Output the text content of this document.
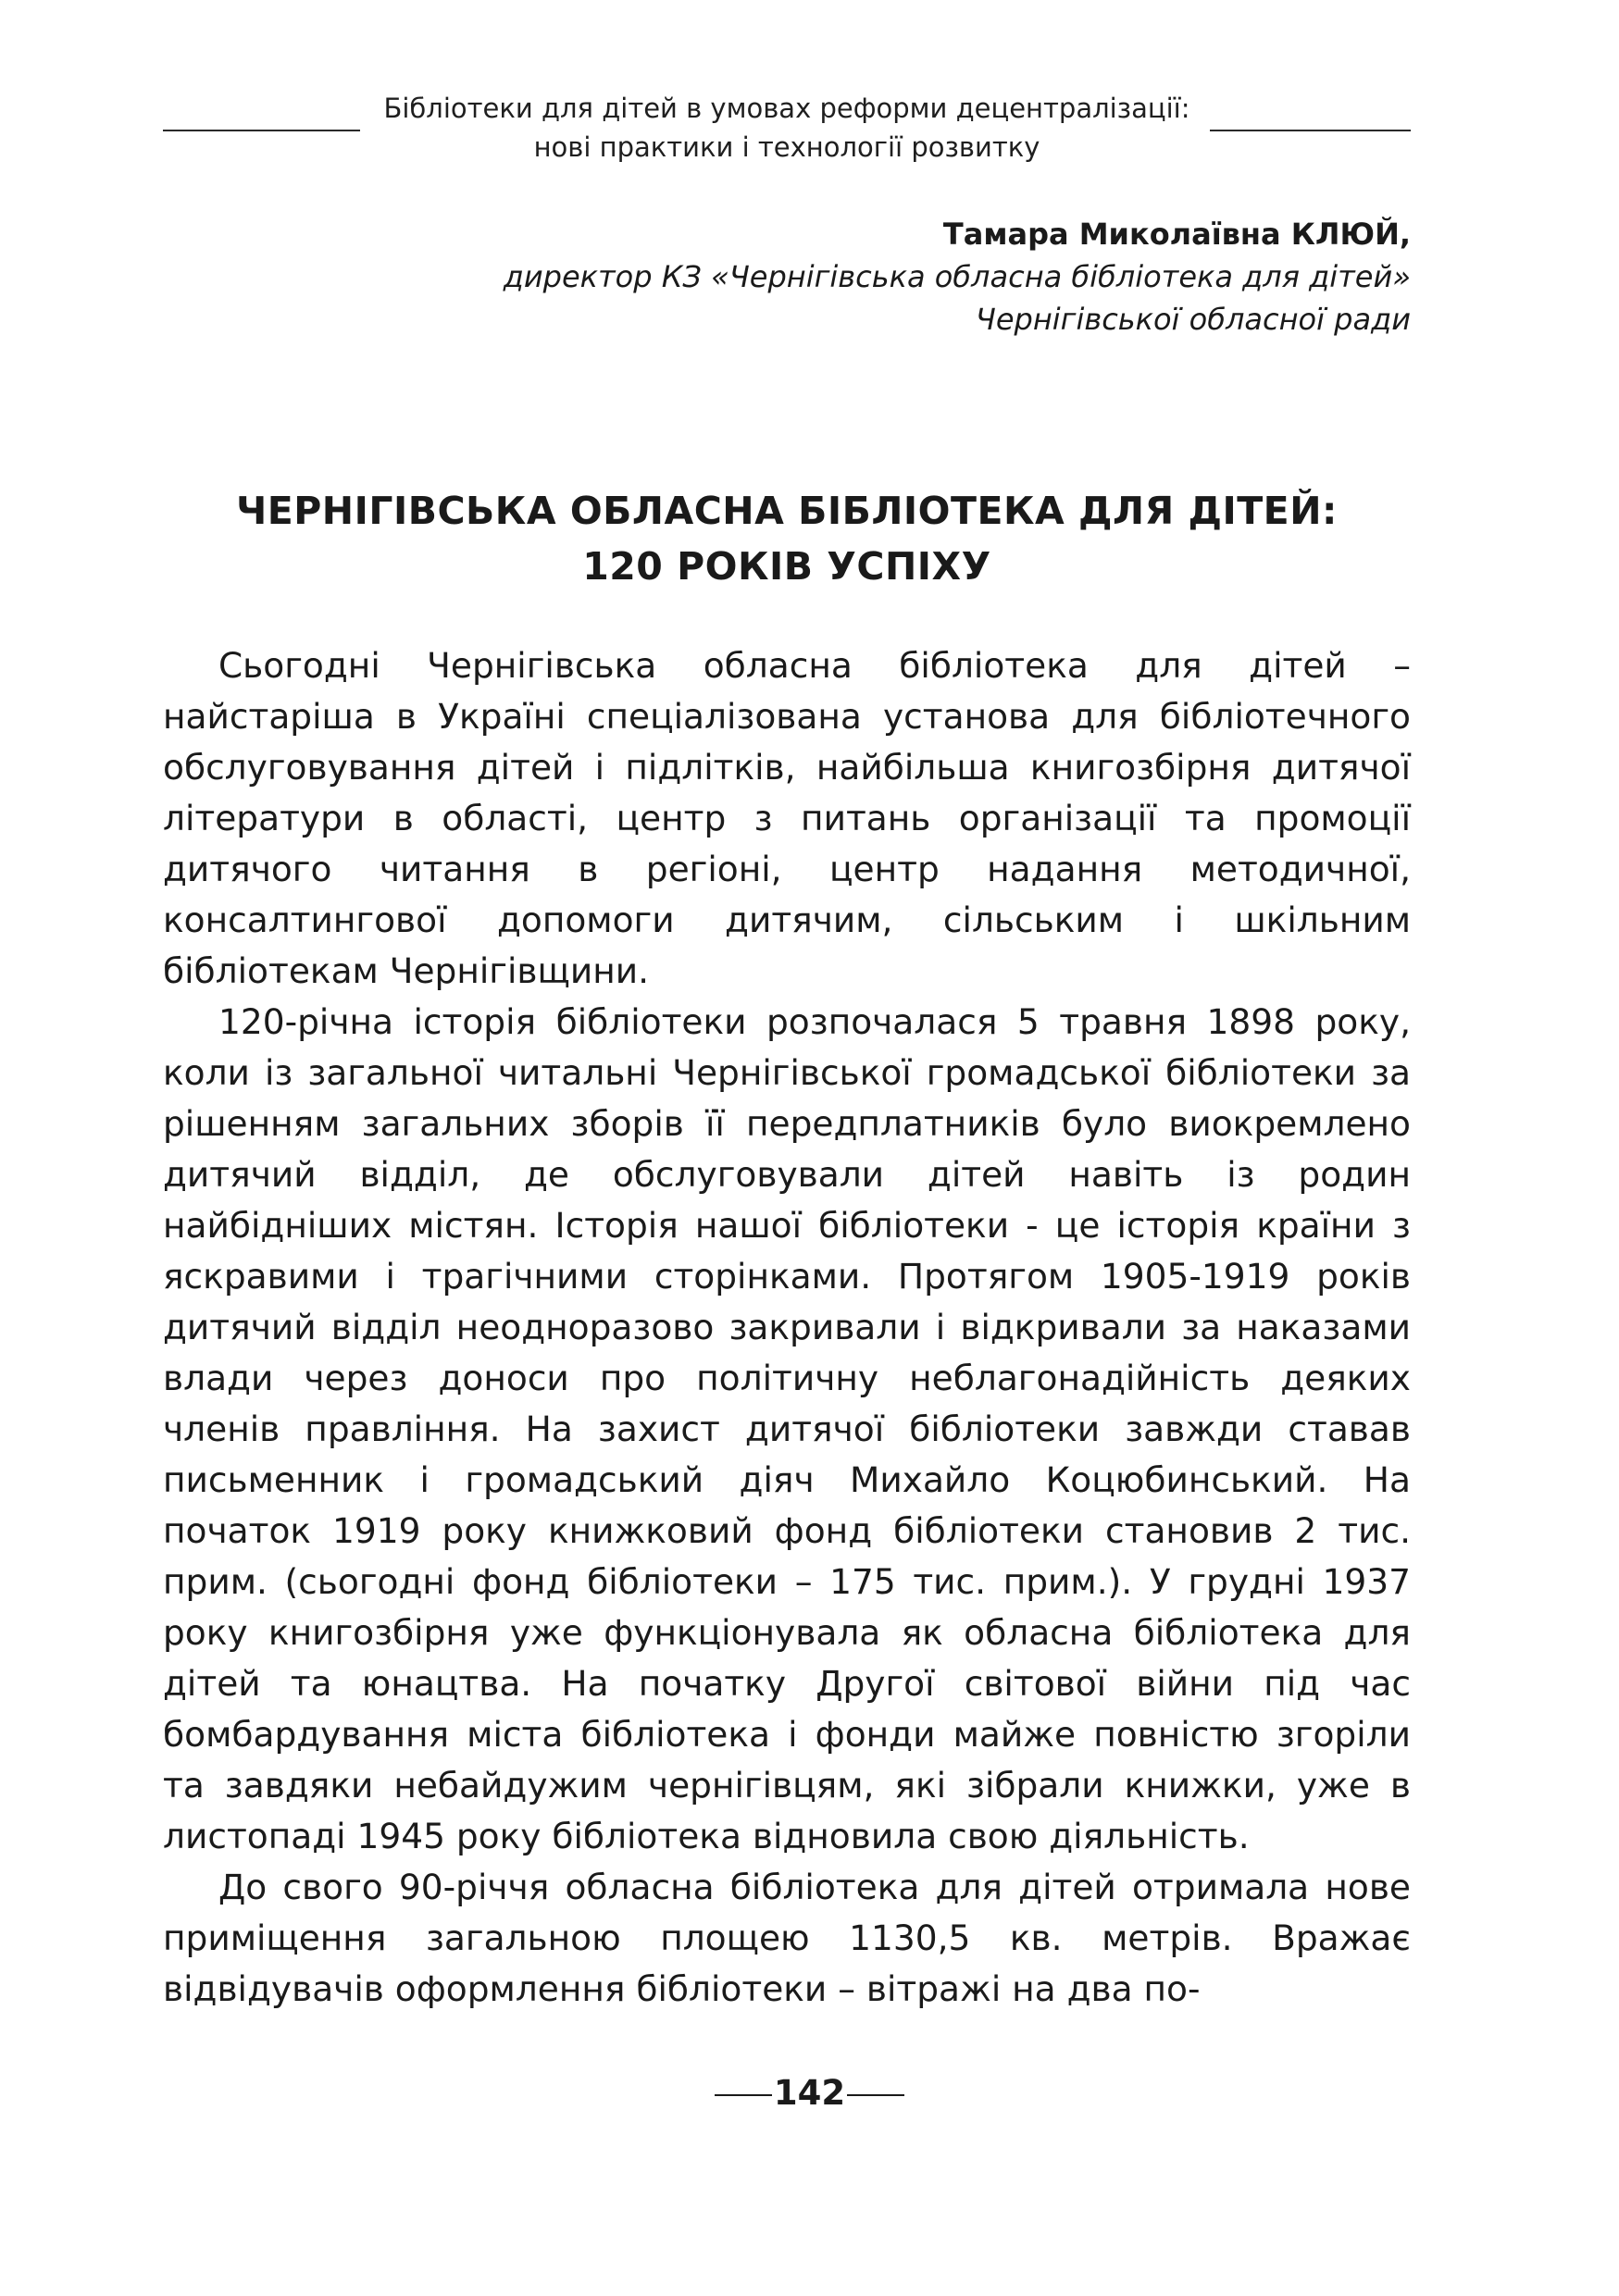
Бібліотеки для дітей в умовах реформи децентралізації:
нові практики і технології розвитку
Тамара Миколаївна КЛЮЙ,
директор КЗ «Чернігівська обласна бібліотека для дітей»
Чернігівської обласної ради
ЧЕРНІГІВСЬКА ОБЛАСНА БІБЛІОТЕКА ДЛЯ ДІТЕЙ:
120 РОКІВ УСПІХУ

Сьогодні Чернігівська обласна бібліотека для дітей – найстаріша в Україні спеціалізована установа для бібліотечного обслуговування дітей і підлітків, найбільша книгозбірня дитячої літератури в області, центр з питань організації та промоції дитячого читання в регіоні, центр надання методичної, консалтингової допомоги дитячим, сільським і шкільним бібліотекам Чернігівщини.

120-річна історія бібліотеки розпочалася 5 травня 1898 року, коли із загальної читальні Чернігівської громадської бібліотеки за рішенням загальних зборів її передплатників було виокремлено дитячий відділ, де обслуговували дітей навіть із родин найбідніших містян. Історія нашої бібліотеки - це історія країни з яскравими і трагічними сторінками. Протягом 1905-1919 років дитячий відділ неодноразово закривали і відкривали за наказами влади через доноси про політичну неблагонадійність деяких членів правління. На захист дитячої бібліотеки завжди ставав письменник і громадський діяч Михайло Коцюбинський. На початок 1919 року книжковий фонд бібліотеки становив 2 тис. прим. (сьогодні фонд бібліотеки – 175 тис. прим.). У грудні 1937 року книгозбірня уже функціонувала як обласна бібліотека для дітей та юнацтва. На початку Другої світової війни під час бомбардування міста бібліотека і фонди майже повністю згоріли та завдяки небайдужим чернігівцям, які зібрали книжки, уже в листопаді 1945 року бібліотека відновила свою діяльність.

До свого 90-річчя обласна бібліотека для дітей отримала нове приміщення загальною площею 1130,5 кв. метрів. Вражає відвідувачів оформлення бібліотеки – вітражі на два по-

142
